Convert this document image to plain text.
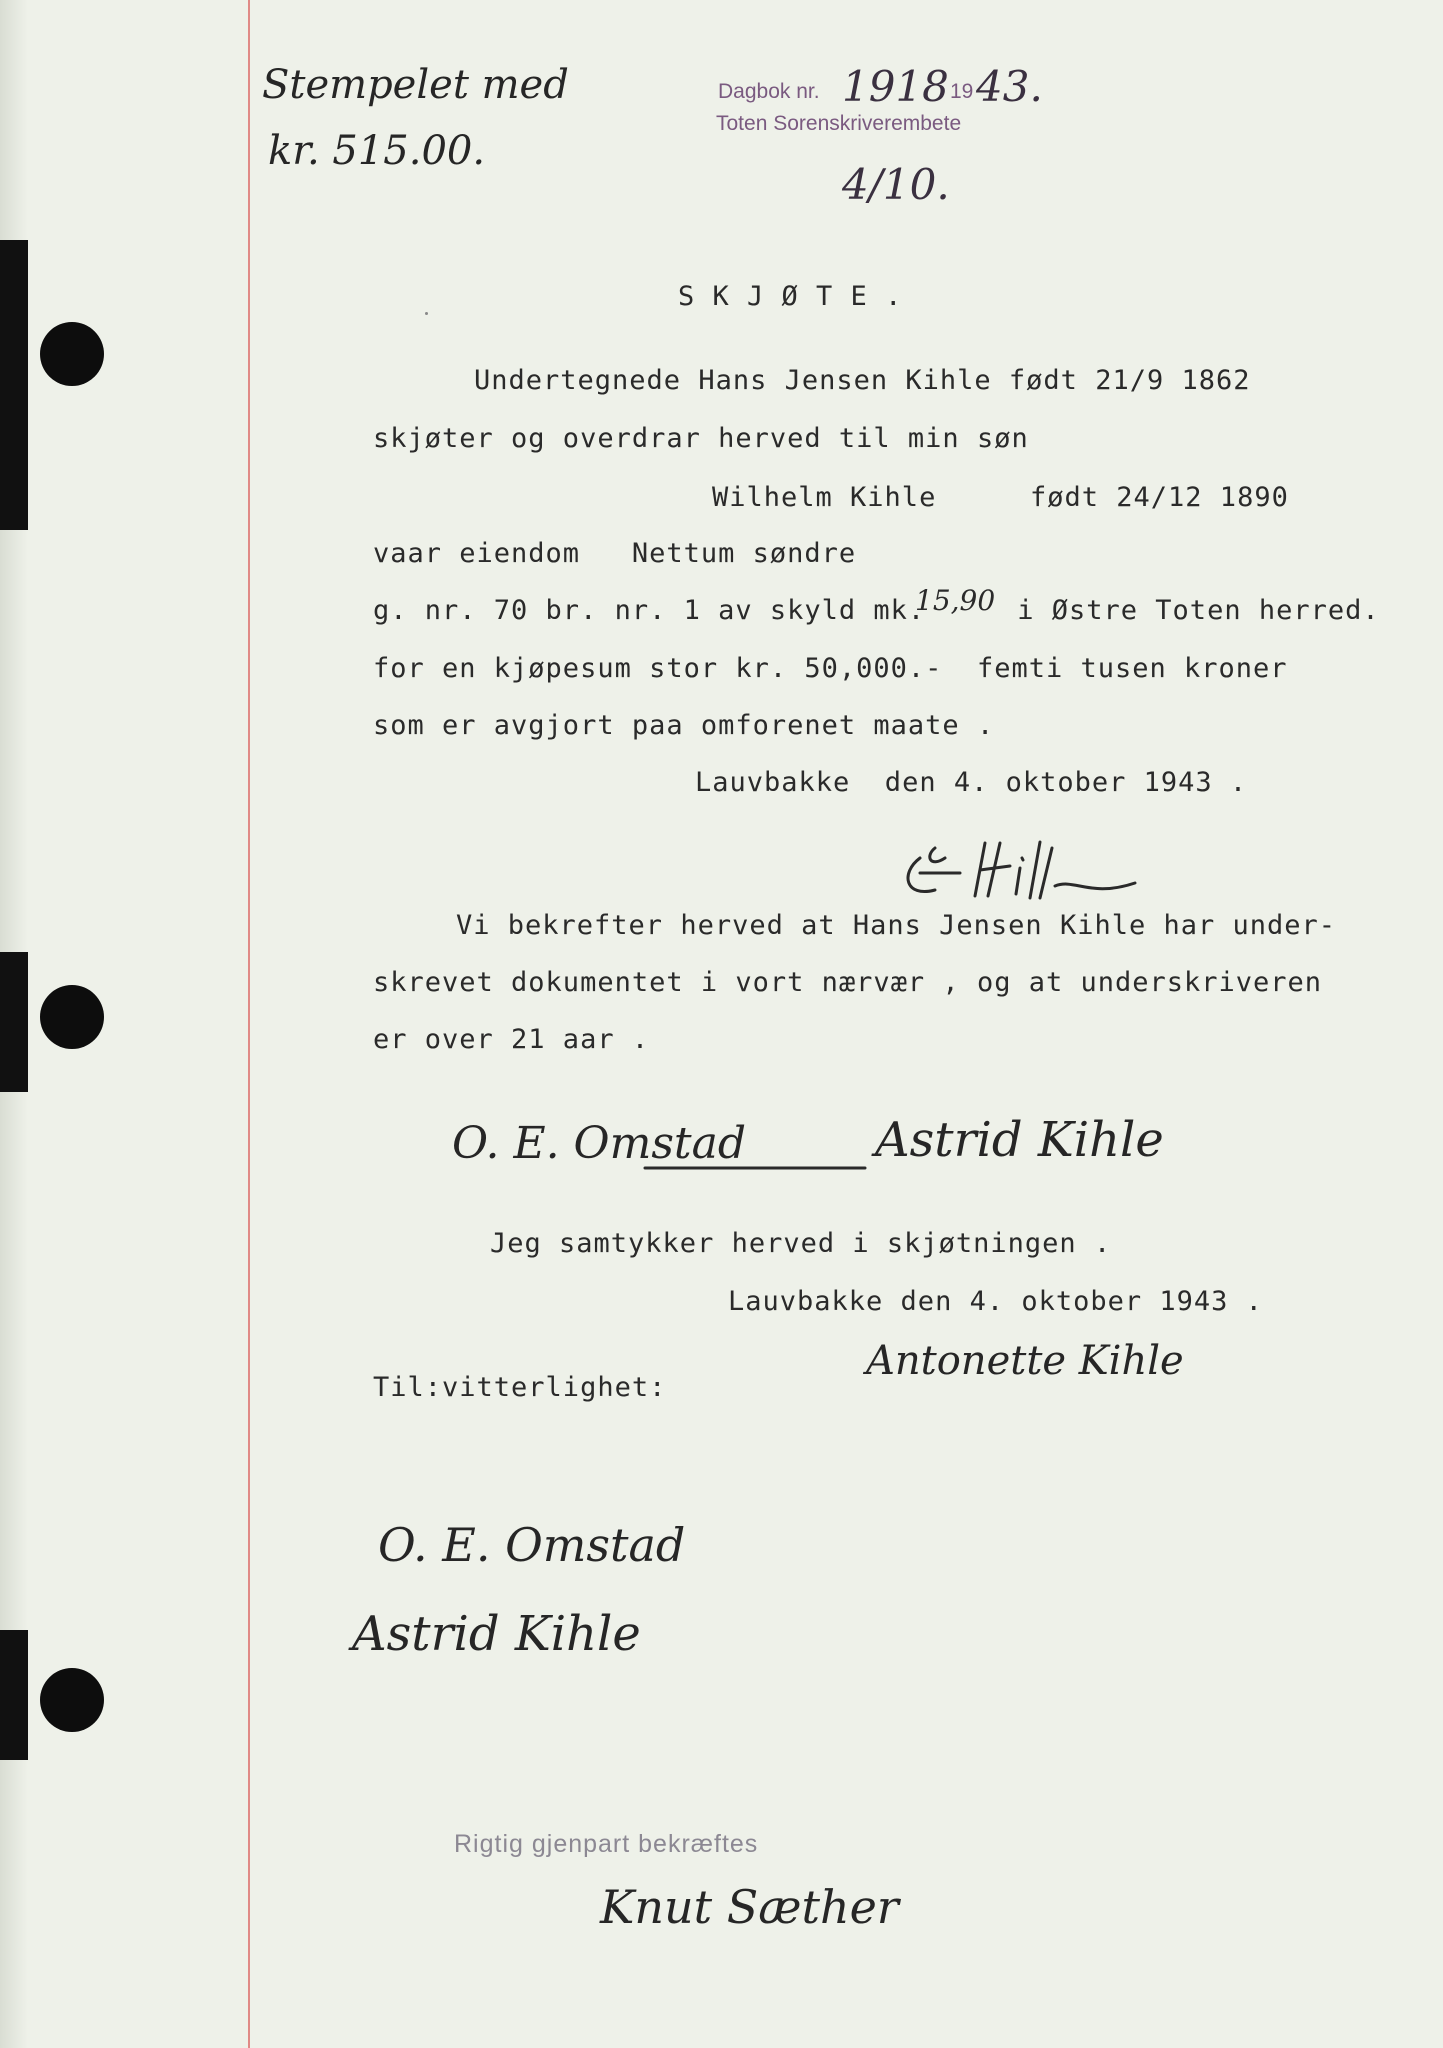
Stempelet med
kr. 515.00.
Dagbok nr. 1918 19 43.
Toten Sorenskriverembete
4/10.
S K J Ø T E .
Undertegnede Hans Jensen Kihle født 21/9 1862
skjøter og overdrar herved til min søn
Wilhelm Kihle	født 24/12 1890
vaar eiendom   Nettum søndre
g. nr. 70 br. nr. 1 av skyld mk.
15,90 i Østre Toten herred.
for en kjøpesum stor kr. 50,000.-  femti tusen kroner
som er avgjort paa omforenet maate .
Lauvbakke  den 4. oktober 1943 .
Vi bekrefter herved at Hans Jensen Kihle har under-
skrevet dokumentet i vort nærvær , og at underskriveren
er over 21 aar .
O. E. Omstad	Astrid Kihle
Jeg samtykker herved i skjøtningen .
Lauvbakke den 4. oktober 1943 .
Antonette Kihle
Til:vitterlighet:
O. E. Omstad
Astrid Kihle
Rigtig gjenpart bekræftes
Knut Sæther
